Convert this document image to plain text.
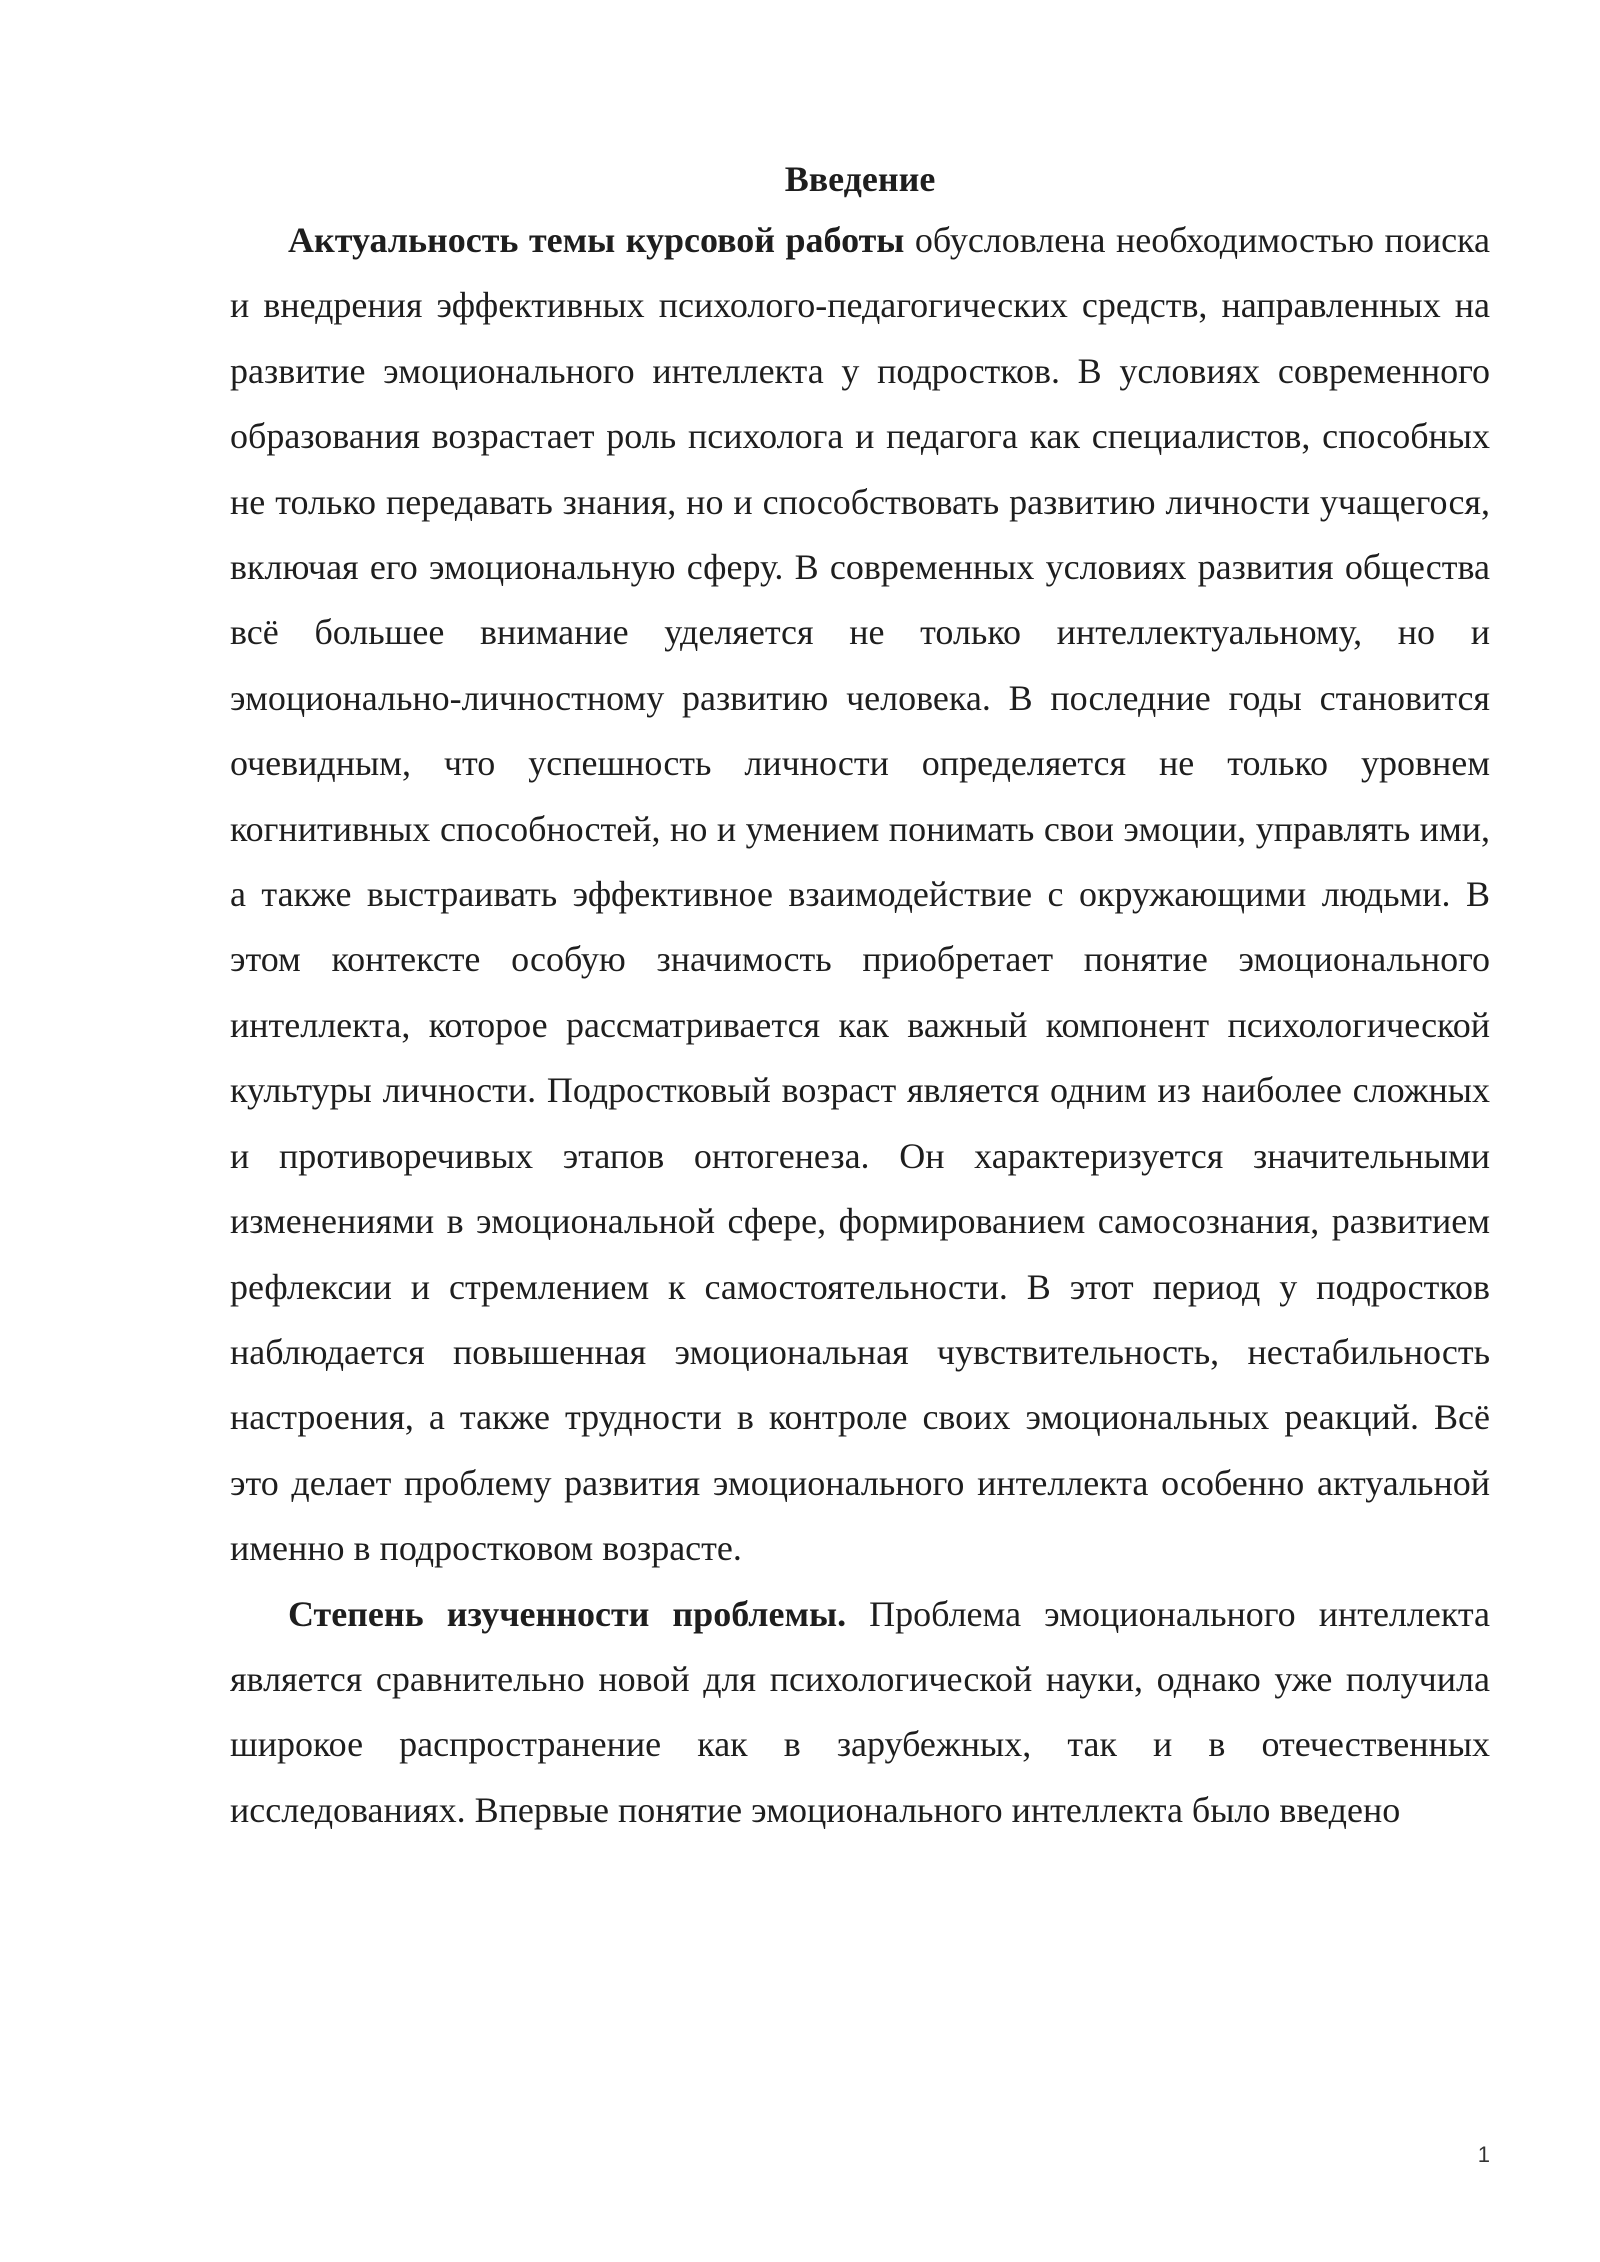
Введение

Актуальность темы курсовой работы обусловлена необходимостью поиска и внедрения эффективных психолого-педагогических средств, направленных на развитие эмоционального интеллекта у подростков. В условиях современного образования возрастает роль психолога и педагога как специалистов, способных не только передавать знания, но и способствовать развитию личности учащегося, включая его эмоциональную сферу. В современных условиях развития общества всё большее внимание уделяется не только интеллектуальному, но и эмоционально-личностному развитию человека. В последние годы становится очевидным, что успешность личности определяется не только уровнем когнитивных способностей, но и умением понимать свои эмоции, управлять ими, а также выстраивать эффективное взаимодействие с окружающими людьми. В этом контексте особую значимость приобретает понятие эмоционального интеллекта, которое рассматривается как важный компонент психологической культуры личности. Подростковый возраст является одним из наиболее сложных и противоречивых этапов онтогенеза. Он характеризуется значительными изменениями в эмоциональной сфере, формированием самосознания, развитием рефлексии и стремлением к самостоятельности. В этот период у подростков наблюдается повышенная эмоциональная чувствительность, нестабильность настроения, а также трудности в контроле своих эмоциональных реакций. Всё это делает проблему развития эмоционального интеллекта особенно актуальной именно в подростковом возрасте.

Степень изученности проблемы. Проблема эмоционального интеллекта является сравнительно новой для психологической науки, однако уже получила широкое распространение как в зарубежных, так и в отечественных исследованиях. Впервые понятие эмоционального интеллекта было введено

1
